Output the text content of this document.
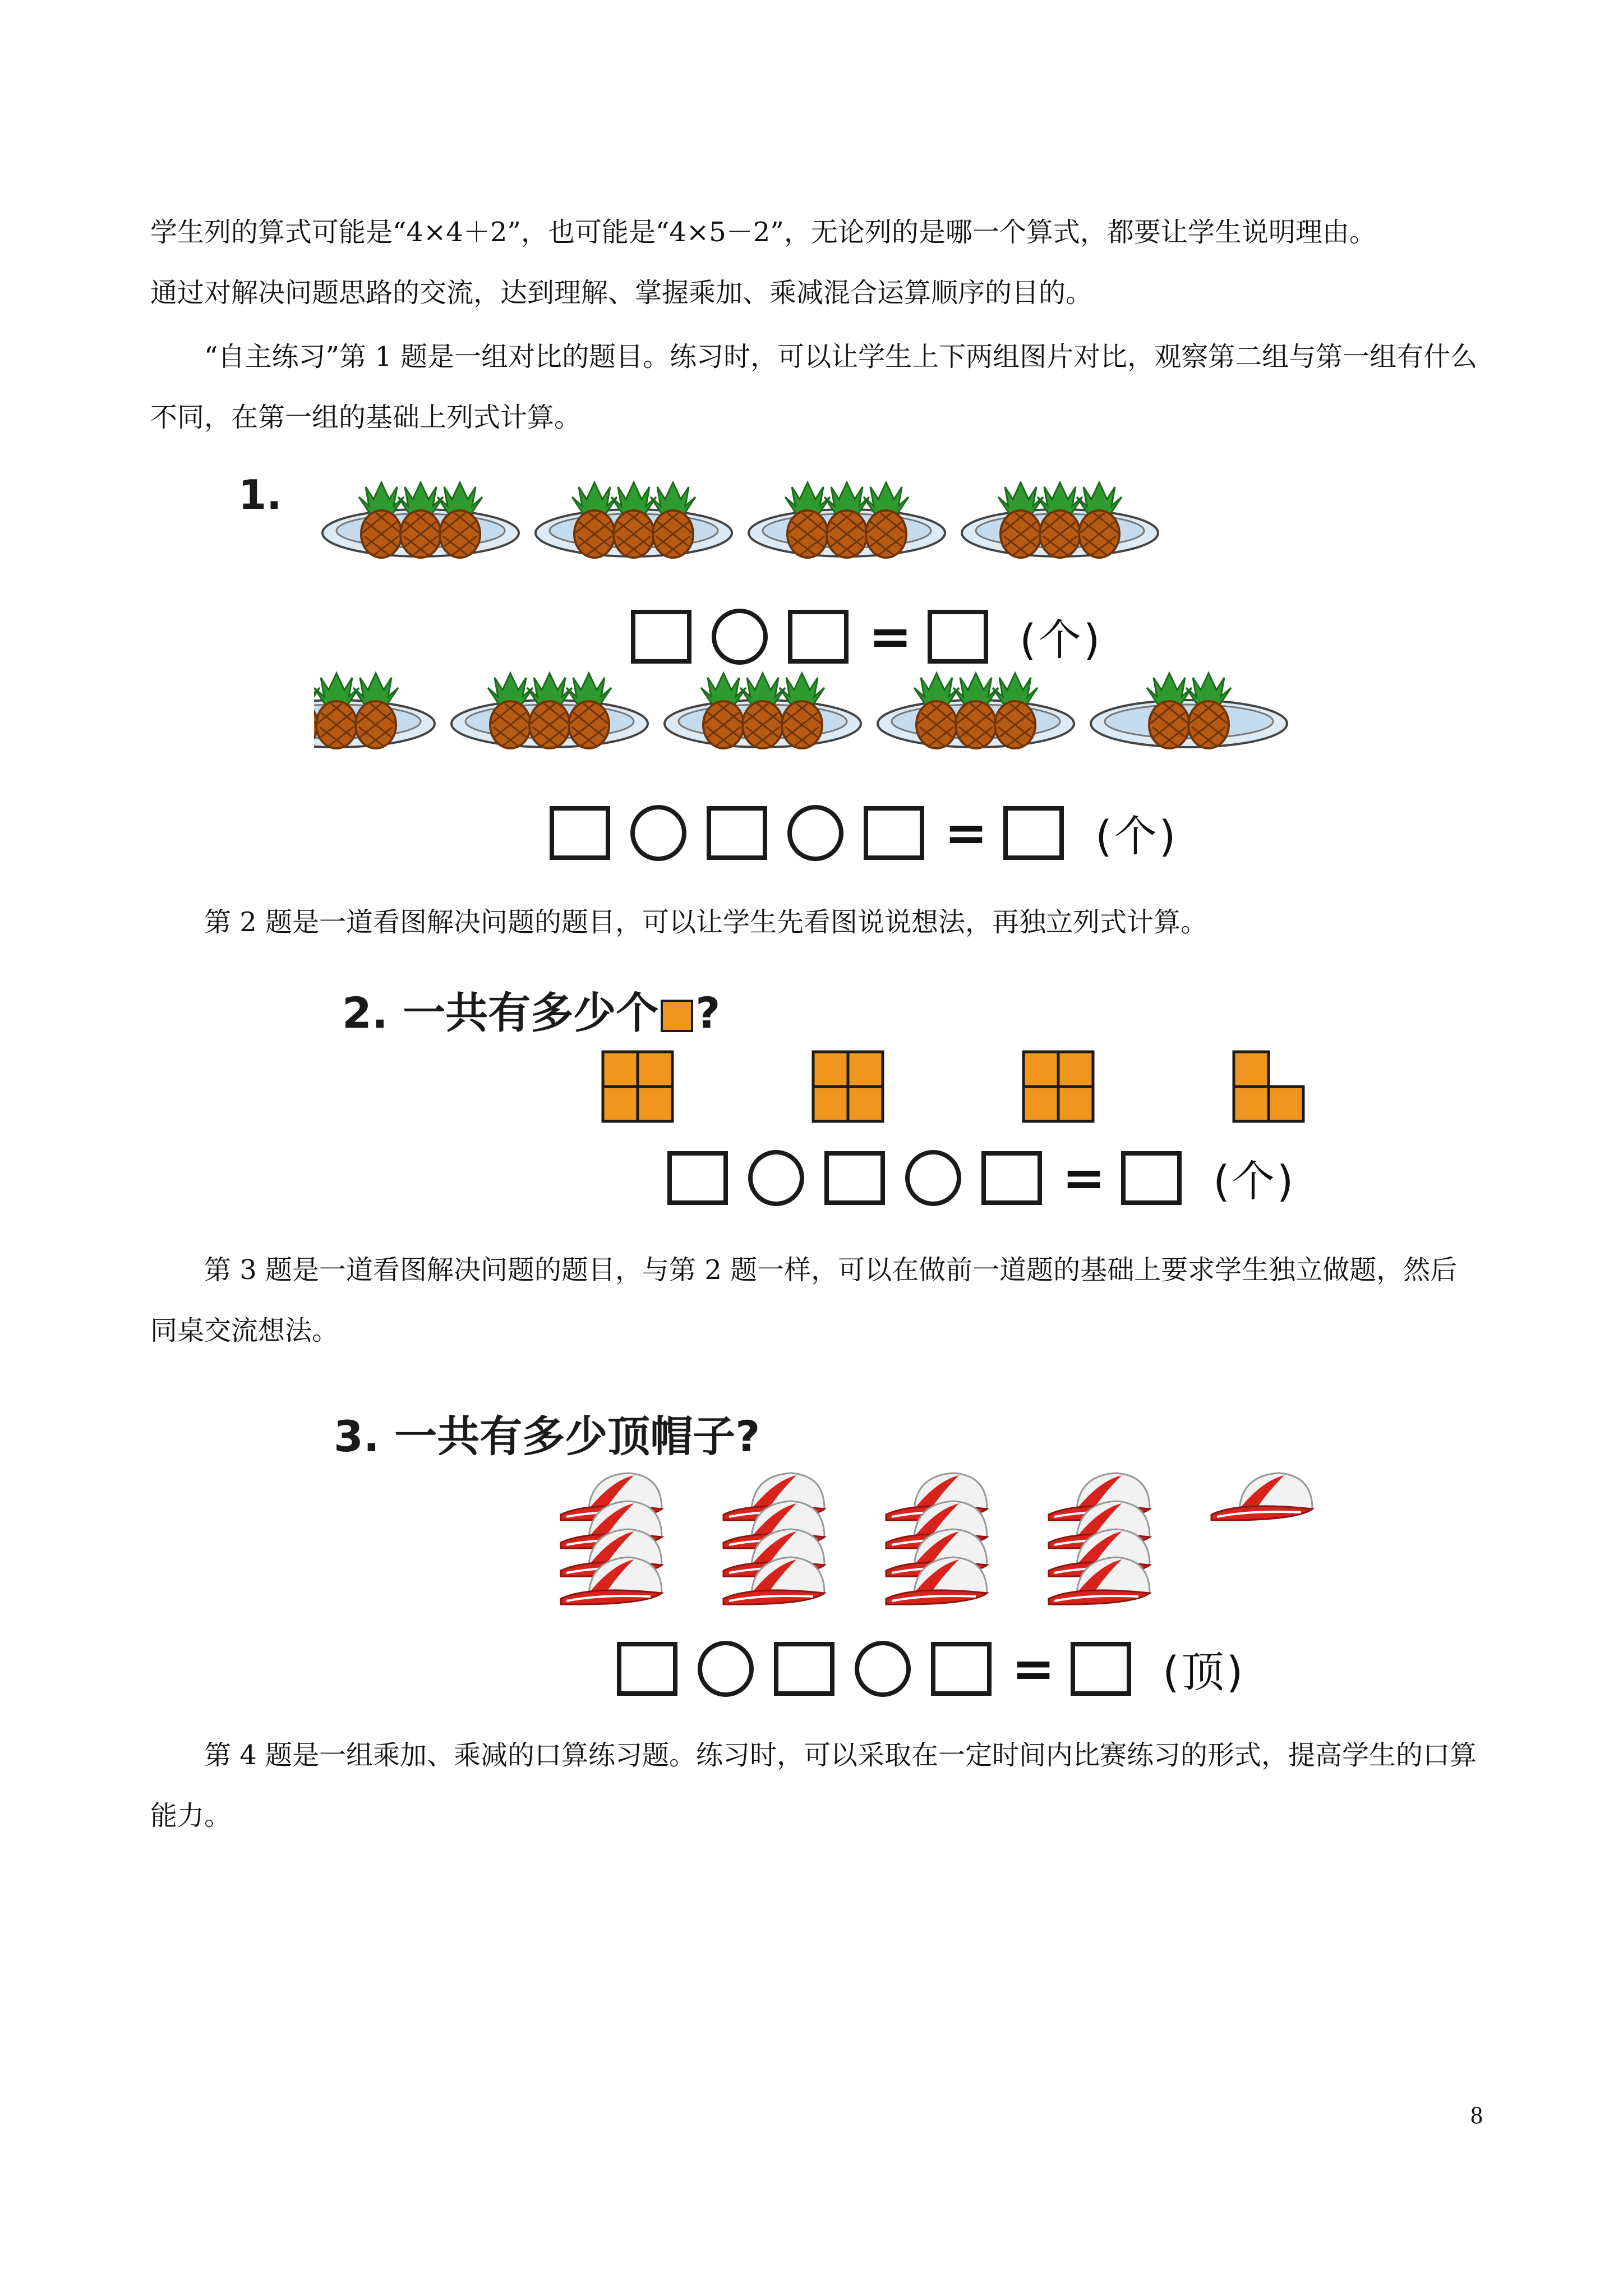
学生列的算式可能是“4×4＋2”，也可能是“4×5－2”，无论列的是哪一个算式，都要让学生说明理由。

通过对解决问题思路的交流，达到理解、掌握乘加、乘减混合运算顺序的目的。

“自主练习”第 1 题是一组对比的题目。练习时，可以让学生上下两组图片对比，观察第二组与第一组有什么不同，在第一组的基础上列式计算。

1.
=	(个)
=	(个)

第 2 题是一道看图解决问题的题目，可以让学生先看图说说想法，再独立列式计算。

2. 一共有多少个 ?
=	(个)

第 3 题是一道看图解决问题的题目，与第 2 题一样，可以在做前一道题的基础上要求学生独立做题，然后同桌交流想法。

3. 一共有多少顶帽子?
=	(顶)

第 4 题是一组乘加、乘减的口算练习题。练习时，可以采取在一定时间内比赛练习的形式，提高学生的口算能力。

8
